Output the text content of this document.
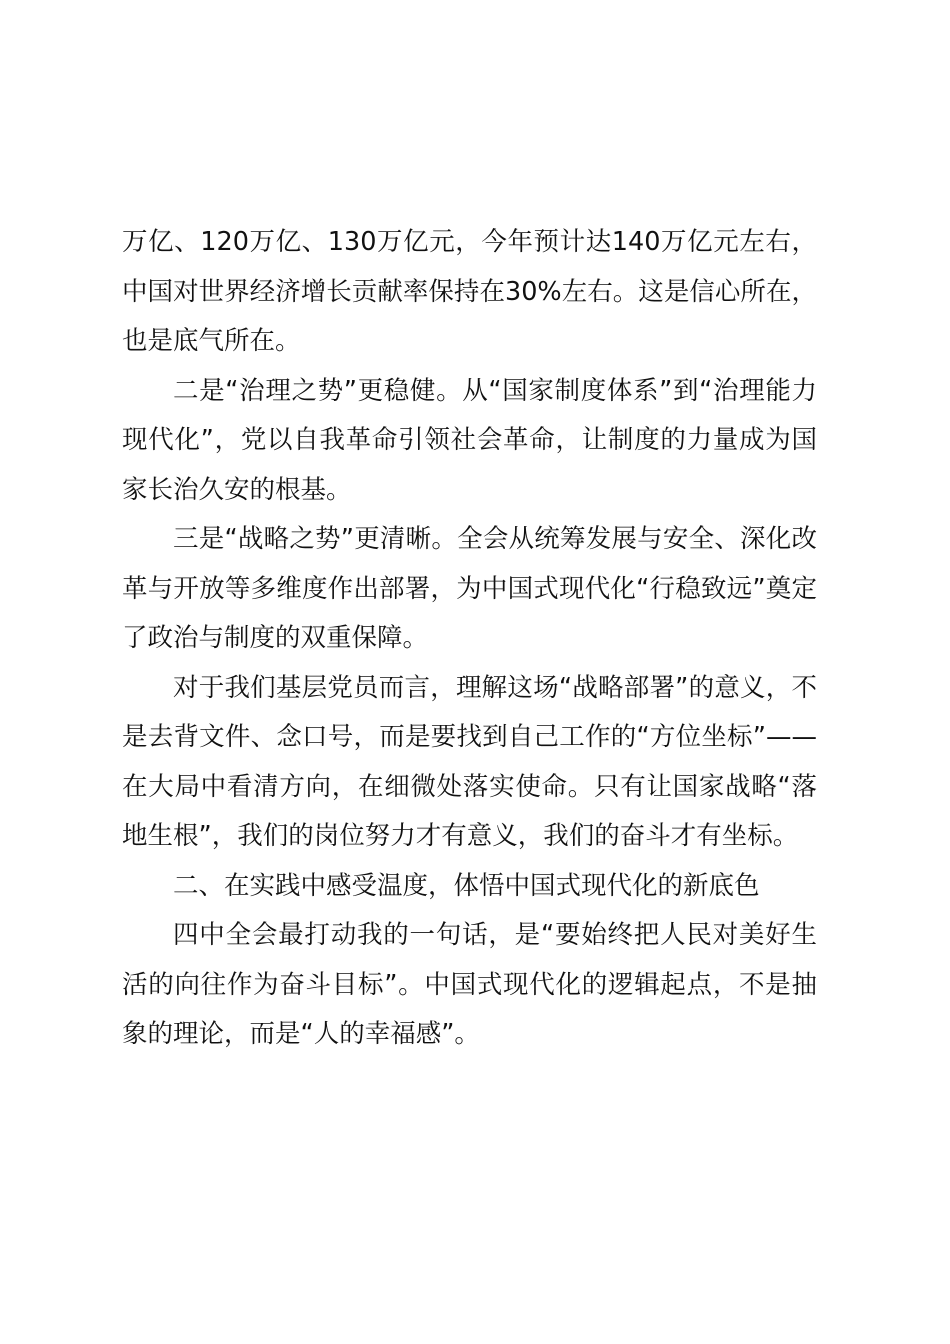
万亿、120万亿、130万亿元，今年预计达140万亿元左右，中国对世界经济增长贡献率保持在30%左右。这是信心所在，也是底气所在。

二是“治理之势”更稳健。从“国家制度体系”到“治理能力现代化”，党以自我革命引领社会革命，让制度的力量成为国家长治久安的根基。

三是“战略之势”更清晰。全会从统筹发展与安全、深化改革与开放等多维度作出部署，为中国式现代化“行稳致远”奠定了政治与制度的双重保障。

对于我们基层党员而言，理解这场“战略部署”的意义，不是去背文件、念口号，而是要找到自己工作的“方位坐标”——在大局中看清方向，在细微处落实使命。只有让国家战略“落地生根”，我们的岗位努力才有意义，我们的奋斗才有坐标。

二、在实践中感受温度，体悟中国式现代化的新底色

四中全会最打动我的一句话，是“要始终把人民对美好生活的向往作为奋斗目标”。中国式现代化的逻辑起点，不是抽象的理论，而是“人的幸福感”。
